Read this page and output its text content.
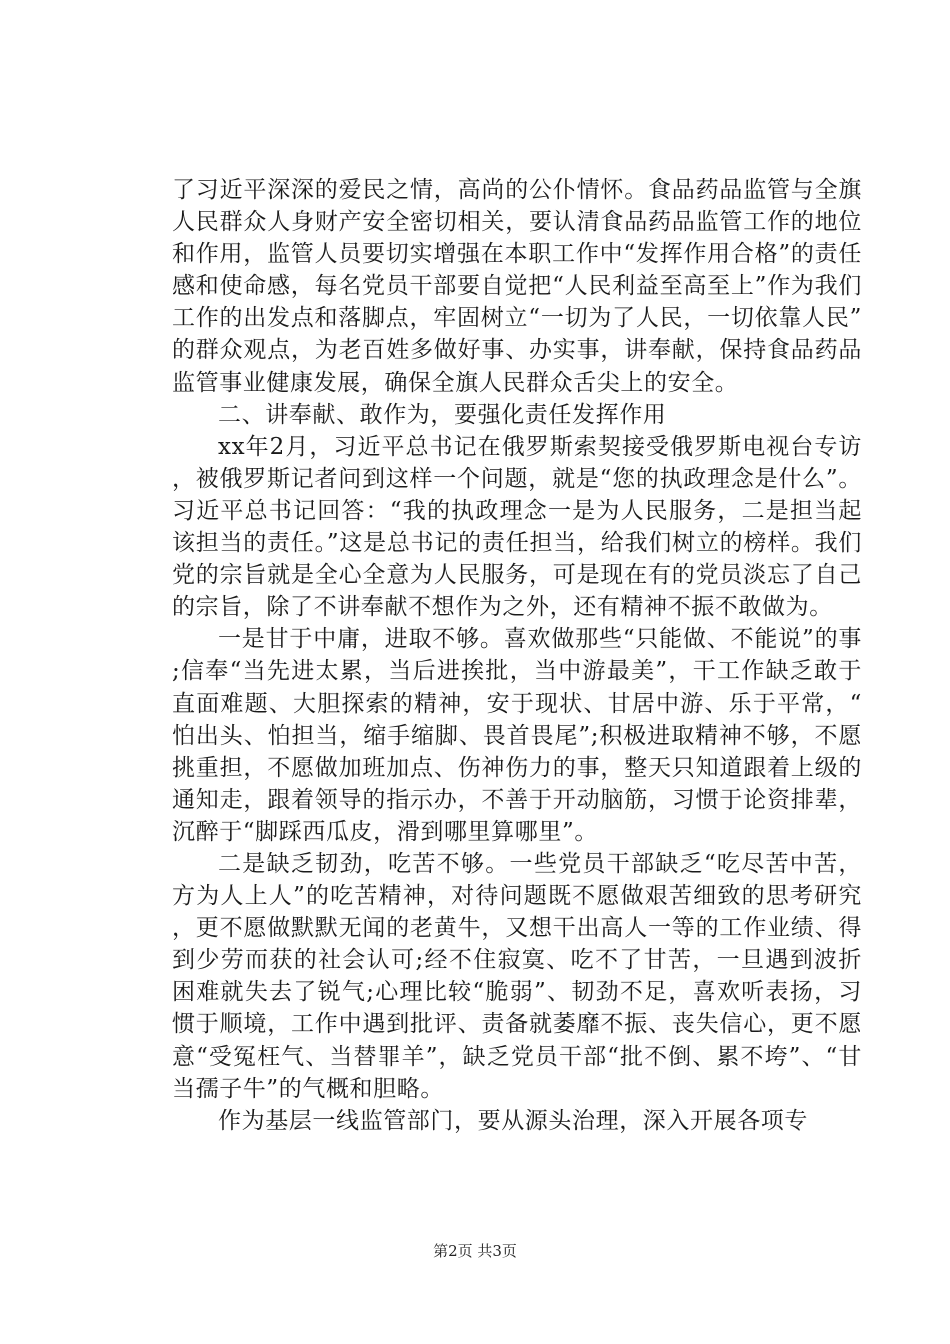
了习近平深深的爱民之情，高尚的公仆情怀。食品药品监管与全旗人民群众人身财产安全密切相关，要认清食品药品监管工作的地位和作用，监管人员要切实增强在本职工作中“发挥作用合格”的责任感和使命感，每名党员干部要自觉把“人民利益至高至上”作为我们工作的出发点和落脚点，牢固树立“一切为了人民，一切依靠人民”的群众观点，为老百姓多做好事、办实事，讲奉献，保持食品药品监管事业健康发展，确保全旗人民群众舌尖上的安全。

二、讲奉献、敢作为，要强化责任发挥作用

xx年2月，习近平总书记在俄罗斯索契接受俄罗斯电视台专访，被俄罗斯记者问到这样一个问题，就是“您的执政理念是什么”。习近平总书记回答：“我的执政理念一是为人民服务，二是担当起该担当的责任。”这是总书记的责任担当，给我们树立的榜样。我们党的宗旨就是全心全意为人民服务，可是现在有的党员淡忘了自己的宗旨，除了不讲奉献不想作为之外，还有精神不振不敢做为。

一是甘于中庸，进取不够。喜欢做那些“只能做、不能说”的事;信奉“当先进太累，当后进挨批，当中游最美”，干工作缺乏敢于直面难题、大胆探索的精神，安于现状、甘居中游、乐于平常，“怕出头、怕担当，缩手缩脚、畏首畏尾”;积极进取精神不够，不愿挑重担，不愿做加班加点、伤神伤力的事，整天只知道跟着上级的通知走，跟着领导的指示办，不善于开动脑筋，习惯于论资排辈，沉醉于“脚踩西瓜皮，滑到哪里算哪里”。

二是缺乏韧劲，吃苦不够。一些党员干部缺乏“吃尽苦中苦，方为人上人”的吃苦精神，对待问题既不愿做艰苦细致的思考研究，更不愿做默默无闻的老黄牛，又想干出高人一等的工作业绩、得到少劳而获的社会认可;经不住寂寞、吃不了甘苦，一旦遇到波折困难就失去了锐气;心理比较“脆弱”、韧劲不足，喜欢听表扬，习惯于顺境，工作中遇到批评、责备就萎靡不振、丧失信心，更不愿意“受冤枉气、当替罪羊”，缺乏党员干部“批不倒、累不垮”、“甘当孺子牛”的气概和胆略。

作为基层一线监管部门，要从源头治理，深入开展各项专

第2页 共3页
